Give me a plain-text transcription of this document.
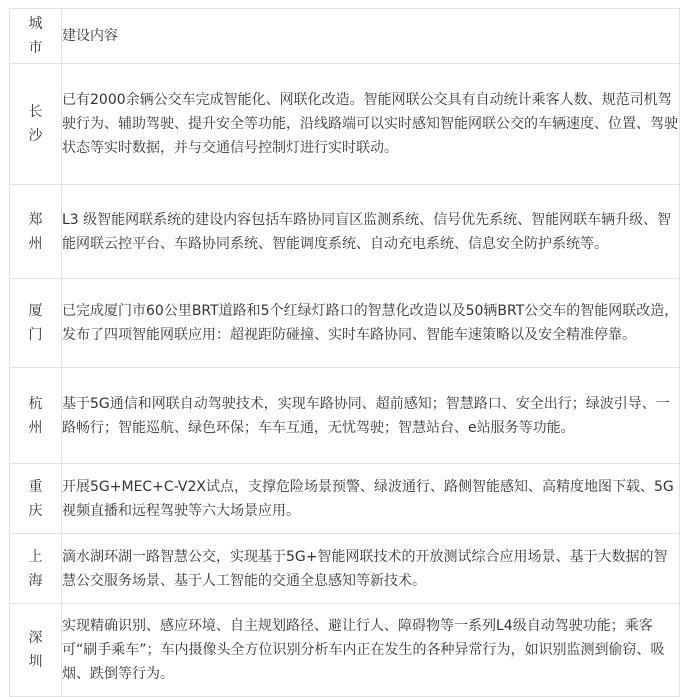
城
市	建设内容

长
沙	已有2000余辆公交车完成智能化、网联化改造。智能网联公交具有自动统计乘客人数、规范司机驾驶行为、辅助驾驶、提升安全等功能，沿线路端可以实时感知智能网联公交的车辆速度、位置、驾驶状态等实时数据，并与交通信号控制灯进行实时联动。

郑
州	L3 级智能网联系统的建设内容包括车路协同盲区监测系统、信号优先系统、智能网联车辆升级、智能网联云控平台、车路协同系统、智能调度系统、自动充电系统、信息安全防护系统等。

厦
门	已完成厦门市60公里BRT道路和5个红绿灯路口的智慧化改造以及50辆BRT公交车的智能网联改造，发布了四项智能网联应用：超视距防碰撞、实时车路协同、智能车速策略以及安全精准停靠。

杭
州	基于5G通信和网联自动驾驶技术，实现车路协同、超前感知；智慧路口、安全出行；绿波引导、一路畅行；智能巡航、绿色环保；车车互通，无忧驾驶；智慧站台、e站服务等功能。

重
庆	开展5G+MEC+C-V2X试点，支撑危险场景预警、绿波通行、路侧智能感知、高精度地图下载、5G视频直播和远程驾驶等六大场景应用。

上
海	滴水湖环湖一路智慧公交，实现基于5G+智能网联技术的开放测试综合应用场景、基于大数据的智慧公交服务场景、基于人工智能的交通全息感知等新技术。

深
圳	实现精确识别、感应环境、自主规划路径、避让行人、障碍物等一系列L4级自动驾驶功能；乘客可“刷手乘车”；车内摄像头全方位识别分析车内正在发生的各种异常行为，如识别监测到偷窃、吸烟、跌倒等行为。
